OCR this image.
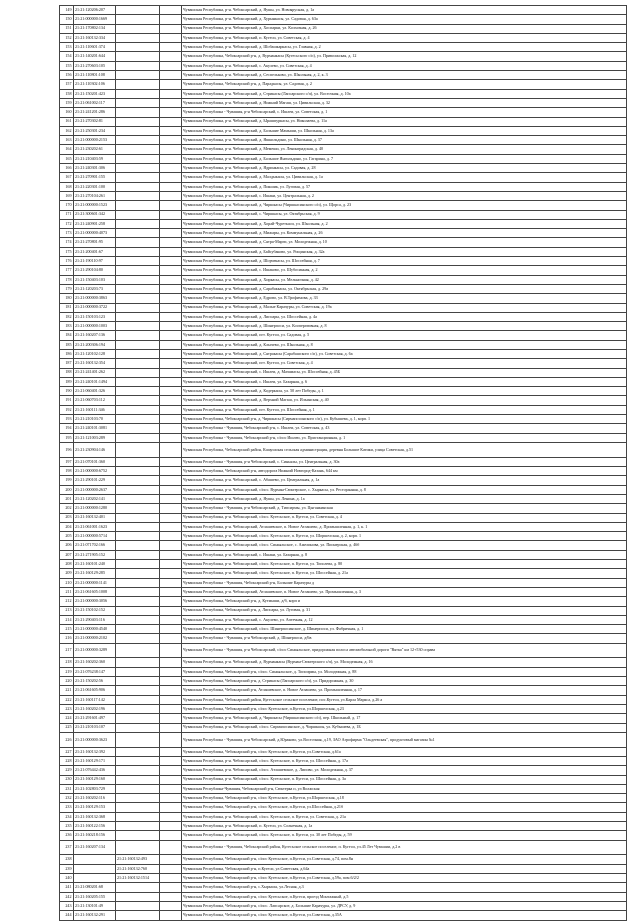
149	21:21:120206:207			Чувашская Республика, р-н. Чебоксарский, д. Яушн, ул. Новоярусная, д. 1а
150	21:21:000000:1669			Чувашская Республика, р-н. Чебоксарский, д. Хурынкасы, ул. Садовая, д. 63а
151	21:21:170802:134			Чувашская Республика, р-н. Чебоксарский, д. Хоспарки, ул. Колхозная, д. 26
152	21:21:160132:334			Чувашская Республика, р-н. Чебоксарский, п. Кугеси, ул. Советская, д. 4
153	21:21:110601:374			Чувашская Республика, р-н. Чебоксарский, д. Шобашкаркасы, ул. Главная, д. 2
154	21:21:140201:644			Чувашская Республика, Чебоксарский р-н, д. Вурманкасы (Кугесьского с/п), ул. Приволжская, д. 12
155	21:21:270603:105			Чувашская Республика, р-н. Чебоксарский, с. Акулево, ул. Советская, д. 4
156	21:21:110801:108			Чувашская Республика, р-н. Чебоксарский, д. Сеспельково, ул. Школьная, д. 2, к. 3
157	21:21:110302:106			Чувашская Республика, Чебоксарский р-н, д. Парадкасы, ул. Садовая, д. 2
158	21:21:150201:423			Чувашская Республика, р-н. Чебоксарский, д. Стрикасы (Лапсарского с/п), ул. Восточная, д. 10а
159	21:21:061002:117			Чувашская Республика, р-н. Чебоксарский, д. Нижний Магаш, ул. Цивильская, д. 32
160	21:21:241201:286			Чувашская Республика - Чувашия, р-н Чебоксарский, с. Ишлеи, ул. Советская, д. 1
161	21:21:270302:81			Чувашская Республика, р-н. Чебоксарский, д. Ырашпуркасы, ул. Николаева, д. 11а
162	21:21:250301:234			Чувашская Республика, р-н. Чебоксарский, д. Большие Мамыши, ул. Школьная, д. 13а
163	21:21:000000:2153			Чувашская Республика, р-н. Чебоксарский, д. Яшкильдино, ул. Школьная, д. 37
164	21:21:230202:61			Чувашская Республика, р-н. Чебоксарский, д. Мемеши, ул. Ленинградская, д. 40
165	21:21:210403:59			Чувашская Республика, р-н. Чебоксарский, д. Большое Янгильдино, ул. Гагарина, д. 7
166	21:21:240301:306			Чувашская Республика, р-н. Чебоксарский, д. Ядринкасы, ул. Садовая, д. 28
167	21:21:270901:155			Чувашская Республика, р-н. Чебоксарский, д. Малдыкасы, ул. Цивильская, д. 1а
168	21:21:220301:100			Чувашская Республика, р-н. Чебоксарский, д. Пикшик, ул. Луговая, д. 57
169	21:21:270104:261			Чувашская Республика, р-н. Чебоксарский, с. Ишаки, ул. Центральная, д. 2
170	21:21:000000:1523			Чувашская Республика, р-н. Чебоксарский, д. Чиршкасы (Чиршкасинского с/п), ул. Щорса, д. 23
171	21:21:300601:342			Чувашская Республика, р-н. Чебоксарский, с. Чиршкасы, ул. Октябрьская, д. 9
172	21:21:240901:258			Чувашская Республика, р-н. Чебоксарский, д. Хорай-Чуреткаси, ул. Школьная, д. 2
173	21:21:000000:4073			Чувашская Республика, р-н. Чебоксарский, д. Мижары, ул. Коммунальная, д. 26
174	21:21:270801:95			Чувашская Республика, р-н. Чебоксарский, д. Сятра-Марги, ул. Молодежная, д. 10
175	21:21:200401:67			Чувашская Республика, р-н. Чебоксарский, д. Байсубаково, ул. Рощинская, д. 32а
176	21:21:190110:97			Чувашская Республика, р-н. Чебоксарский, д. Шорчекасы, ул. Шоссейная, д. 7
177	21:21:290104:80			Чувашская Республика, р-н. Чебоксарский, с. Ишаково, ул. Шубосинная, д. 2
178	21:21:150403:103			Чувашская Республика, р-н. Чебоксарский, д. Хиркасы, ул. Мельничная, д. 42
179	21:21:120203:73			Чувашская Республика, р-н. Чебоксарский, д. Сарабаккасы, ул. Октябрьская, д. 29а
180	21:21:000000:3863			Чувашская Республика, р-н. Чебоксарский, д. Едрово, ул. В.Трофимова, д. 33
181	21:21:000000:3722			Чувашская Республика, р-н. Чебоксарский, д. Малые Карачуры, ул. Советская, д. 19а
182	21:21:150103:123			Чувашская Республика, р-н. Чебоксарский, д. Липсары, ул. Шоссейная, д. 4а
183	21:21:000000:1003			Чувашская Республика, р-н. Чебоксарский, д. Шинерпоси, ул. Кооперативная, д. 8
184	21:21:160207:136			Чувашская Республика, р-н. Чебоксарский, пгт. Кугеси, ул. Садовая, д. 5
185	21:21:200306:194			Чувашская Республика, р-н. Чебоксарский, д. Клычево, ул. Школьная, д. 8
186	21:21:120102:128			Чувашская Республика, р-н. Чебоксарский, д. Сятракасы (Сарабашского с/п), ул. Советская, д. 6а
187	21:21:160132:354			Чувашская Республика, р-н. Чебоксарский, пгт. Кугеси, ул. Советская, д. 4
188	21:21:241401:262			Чувашская Республика, р-н. Чебоксарский, с. Ишлеи, д. Мачамасы, ул. Шоссейная, д. 45Б
189	21:21:240101:1494			Чувашская Республика, р-н. Чебоксарский, с. Ишлеи, ул. Базарная, д. 6
190	21:21:060401:326			Чувашская Республика, р-н. Чебоксарский, д. Кодеркасы, ул. 50 лет Победы, д. 1
191	21:21:060703:112			Чувашская Республика, р-н. Чебоксарский, д. Верхний Магаш, ул. Ильинская, д. 40
192	21:21:160111:346			Чувашская Республика, р-н. Чебоксарский, пгт. Кугеси, ул. Шоссейная, д. 1
193	21:21:210103:70			Чувашская Республика, Чебоксарский р-н, д. Чиршкасы (Сирмапосинского с/п), ул. Кубышева, д. 1, корп. 1
194	21:21:240101:3081			Чувашская Республика - Чувашия, Чебоксарский р-н, с. Ишлеи, ул. Советская, д. 43
195	21:21:121003:289			Чувашская Республика - Чувашия, Чебоксарский р-н, с/пос Ишлеи, ул. Пристанционная, д. 1
196	21:21:230904:146			Чувашская Республика, Чебоксарский район, Кшаушская сельская администрация, деревня Большие Катики, улица Советская, д.51
197	21:21:070101:360			Чувашская Республика - Чувашия, р-н Чебоксарский, с. Синьялы, ул. Центральная, д. 30а
198	21:21:000000:6752			Чувашская Республика, Чебоксарский р-н, автодорога Нижний Новгород-Казань, 644 км
199	21:21:290101:229			Чувашская Республика, р-н. Чебоксарский, с. Абашево, ул. Центральная, д. 1а
200	21:21:000000:2637			Чувашская Республика, р-н. Чебоксарский, с/пос. Вурман-Сюктерское, с. Хыркасы, ул. Ресторанная, д. 8
201	21:21:120202:141			Чувашская Республика, р-н. Чебоксарский, д. Яушн, ул. Ленина, д. 1а
202	21:21:000000:1280			Чувашская Республика - Чувашия, р-н Чебоксарский, д. Типсирмы, ул. Цыганкинская
203	21:21:160132:401			Чувашская Республика, р-н. Чебоксарский, с/пос. Кугесьское, п. Кугеси, ул. Советская, д. 4
204	21:21:061001:1623			Чувашская Республика, р-н. Чебоксарский, Атлашевское, п. Новое Атлашево, д. Промышленная, д. 1, к. 1
205	21:21:000000:5714			Чувашская Республика, р-н. Чебоксарский, с/пос. Кугесьское, п. Кугеси, ул. Шоршелская, д. 2, корп. 1
206	21:21:071702:166			Чувашская Республика, р-н. Чебоксарский, с/пос. Синьяльское, с. Ажелинова, ул. Пионерская, д. 46б
207	21:21:271905:152			Чувашская Республика, р-н. Чебоксарский, с. Ишаки, ул. Базарная, д. 8
208	21:21:160101:240			Чувашская Республика, р-н. Чебоксарский, с/пос. Кугесьское, п. Кугеси, ул. Тополева, д. 80
209	21:21:160129:285			Чувашская Республика, р-н. Чебоксарский, с/пос. Кугесьское, п. Кугеси, ул. Шоссейная, д. 21а
210	21:21:000000:1141			Чувашская Республика - Чувашия, Чебоксарский р-н, Большие Карачуры д
211	21:21:061605:1008			Чувашская Республика, р-н. Чебоксарский, Атлашевское, п. Новое Атлашево, ул. Промышленная, д. 3
212	21:21:000000:3056			Чувашская Республика, Чебоксарский р-н, д. Кутмыши, д/б, корп и
213	21:21:150102:152			Чувашская Республика, Чебоксарский р-н, д. Липсары, ул. Луговая, д. 31
214	21:21:290403:116			Чувашская Республика, р-н. Чебоксарский, с. Акулево, ул. Аптечная, д. 12
215	21:21:000000:4540			Чувашская Республика, р-н. Чебоксарский, с/пос. Шинерпосинское, д. Шинерпоси, ул. Фабричная, д. 1
216	21:21:000000:2102			Чувашская Республика - Чувашия, р-н Чебоксарский, д. Шинерпоси, д/6в
217	21:21:000000:3289			Чувашская Республика - Чувашия, р-н Чебоксарский, с/пос Синьяльское, придорожная полоса автомобильной дороги "Вятка" км 12+530 справа
218	21:21:160202:360			Чувашская Республика, р-н. Чебоксарский, д. Вурманкасы (Вурман-Сюктерского с/п), ул. Молодежная, д. 16
219	21:21:076238:147			Чувашская Республика, Чебоксарский р-н, с/пос. Синьяльское, д. Типсирмы, ул. Молодежная, д. 88
220	21:21:150202:56			Чувашская Республика, Чебоксарский р-н, д. Стрикасы (Лапсарского с/п), ул. Придорожная, д. 30
221	21:21:061605:906			Чувашская Республика, Чебоксарский р-н, Атлашевское, п. Новое Атлашево, ул. Промышленная, д. 17
222	21:21:160117:142			Чувашская Республика, Чебоксарский район, Кугесьское сельское поселение, пос.Кугеси, ул.Карла Маркса, д.26 а
223	21:21:160202:196			Чувашская Республика, Чебоксарский р-н, с/пос Кугесьское, п.Кугеси, ул.Шоршелская, д.23
224	21:21:291601:497			Чувашская Республика, р-н. Чебоксарский, д. Чиршкасы (Чиршкасинского с/п), пер. Школьный, д. 17
225	21:21:210103:107			Чувашская Республика, р-н. Чебоксарский, с/пос. Сирмапосинское, д. Чиршкасы, ул. Кубышева, д. 1Б
226	21:21:000000:3623			Чувашская Республика - Чувашия, р-н Чебоксарский, д.Юраково, ул.Восточная, д.19, ЗАО Агрофирма "Ольдеевская", продуктовый магазин №1
227	21:21:160132:392			Чувашская Республика, Чебоксарский р-н, с/пос Кугесьское, п.Кугеси, ул.Советская, д.61а
228	21:21:160129:171			Чувашская Республика, р-н. Чебоксарский, с/пос. Кугесьское, п. Кугеси, ул. Шоссейная, д. 17а
229	21:21:076442:436			Чувашская Республика, р-н. Чебоксарский, с/пос. Атлашевское, д. Липово, ул. Молодежная, д. 37
230	21:21:160129:160			Чувашская Республика, р-н. Чебоксарский, с/пос. Кугесьское, п. Кугеси, ул. Шоссейная, д. 3а
231	21:21:102803:729			Чувашская Республика-Чувашия, Чебоксарский р-н, Сюктерка п, ул Волжская
232	21:21:160202:116			Чувашская Республика, Чебоксарский р-н, с/пос Кугесьское, п.Кугеси, ул.Шоршелская, д.18
233	21:21:160129:153			Чувашская Республика, Чебоксарский р-н, с/пос Кугесьское, п.Кугеси, ул.Шоссейная, д.21б
234	21:21:160132:368			Чувашская Республика, р-н. Чебоксарский, с/пос. Кугесьское, п. Кугеси, ул. Советская, д. 21а
235	21:21:160122:156			Чувашская Республика, р-н. Чебоксарский, п. Кугеси, ул. Солнечная, д. 1а
236	21:21:160218:156			Чувашская Республика, р-н. Чебоксарский, с/пос. Кугесьское, п. Кугеси, ул. 30 лет Победы, д. 59
237	21:21:160207:134			Чувашская Республика - Чувашия, Чебоксарский район, Кугесьское сельское поселение, п. Кугеси, ул.45 Лет Чувашии, д.2 в
238		21:21:160132:493		Чувашская Республика, Чебоксарский р-н, с/пос Кугесьское, п.Кугеси, ул.Советская, д.74, пом.8н
239		21:21:160132:760		Чувашская Республика, Чебоксарский р-н, п.Кугеси, ул.Советская, д.64а
240		21:21:160132:1514		Чувашская Республика, Чебоксарский р-н, с/пос Кугесьское, п.Кугеси, ул.Советская, д.59а, пом.6/2/2
241	21:21:080201:68			Чувашская Республика, Чебоксарский р-н, с.Хыркасы, ул.Лесная, д.3
242	21:21:160205:155			Чувашская Республика, Чебоксарский р-н, с/пос Кугесьское, п.Кугеси, проезд Монтажный, д.5
243	21:21:130101:49			Чувашская Республика, Чебоксарский р-н, с/пос. Лапсарское, д. Большие Карачуры, ул. ДРСУ, д. 9
244	21:21:160132:291			Чувашская Республика, Чебоксарский р-н, с/пос Кугесьское, п.Кугеси, ул.Советская, д.35А
